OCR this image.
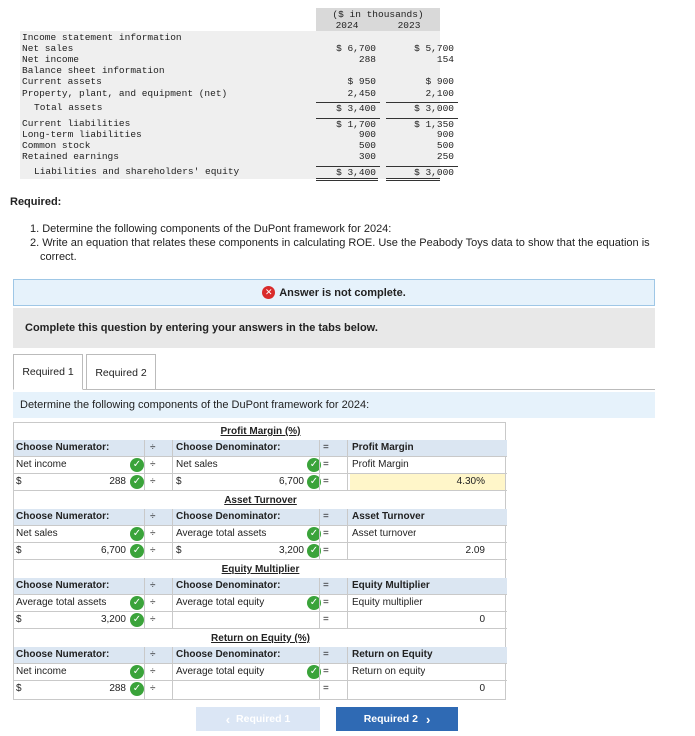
($ in thousands)
2024	2023
Income statement information
Net sales	$ 6,700	$ 5,700
Net income	288	154
Balance sheet information
Current assets	$ 950	$ 900
Property, plant, and equipment (net)	2,450	2,100
Total assets	$ 3,400	$ 3,000
Current liabilities	$ 1,700	$ 1,350
Long-term liabilities	900	900
Common stock	500	500
Retained earnings	300	250
Liabilities and shareholders' equity	$ 3,400	$ 3,000
Required:
1. Determine the following components of the DuPont framework for 2024:
2. Write an equation that relates these components in calculating ROE. Use the Peabody Toys data to show that the equation is
correct.
✕ Answer is not complete.
Complete this question by entering your answers in the tabs below.
Required 1	Required 2
Determine the following components of the DuPont framework for 2024:
Profit Margin (%)
Choose Numerator:	÷ Choose Denominator:	= Profit Margin
Net income	✓ ÷ Net sales	✓ = Profit Margin
$	288 ✓ ÷ $	6,700 ✓ =	4.30%
Asset Turnover
Choose Numerator:	÷ Choose Denominator:	= Asset Turnover
Net sales	✓ ÷ Average total assets	✓ = Asset turnover
$	6,700 ✓ ÷ $	3,200 ✓ =	2.09
Equity Multiplier
Choose Numerator:	÷ Choose Denominator:	= Equity Multiplier
Average total assets	✓ ÷ Average total equity	✓ = Equity multiplier
$	3,200 ✓ ÷	=	0
Return on Equity (%)
Choose Numerator:	÷ Choose Denominator:	= Return on Equity
Net income	✓ ÷ Average total equity	✓ = Return on equity
$	288 ✓ ÷	=	0
‹ Required 1	Required 2 ›
